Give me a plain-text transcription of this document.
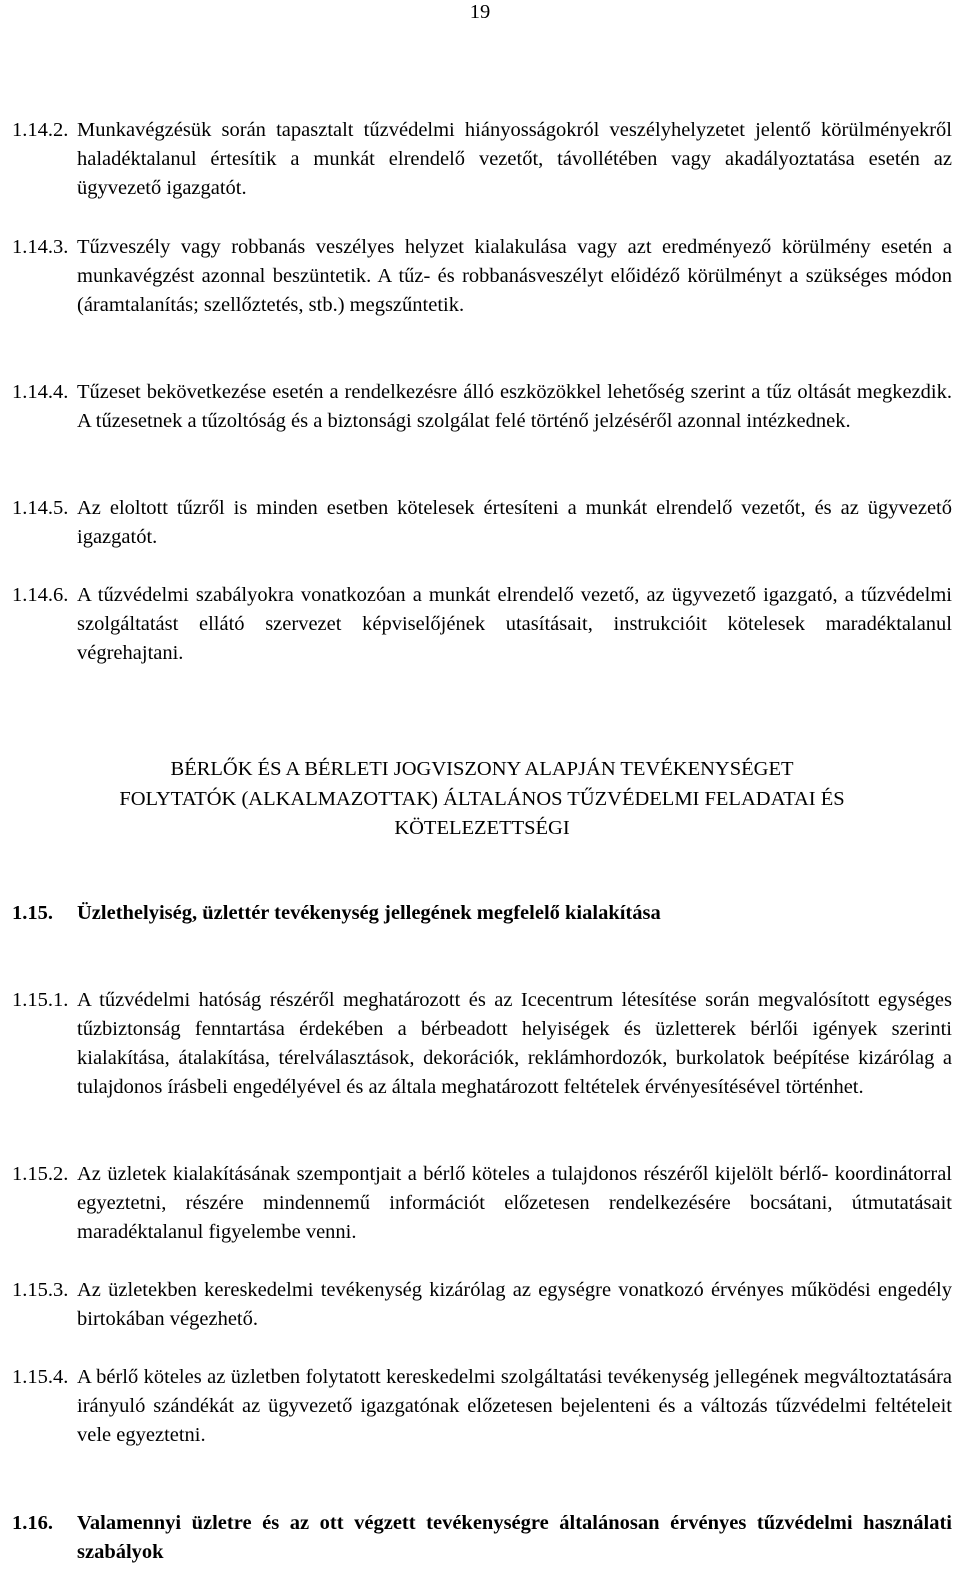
19
1.14.2. Munkavégzésük során tapasztalt tűzvédelmi hiányosságokról veszélyhelyzetet jelentő körülményekről haladéktalanul értesítik a munkát elrendelő vezetőt, távollétében vagy akadályoztatása esetén az ügyvezető igazgatót.
1.14.3. Tűzveszély vagy robbanás veszélyes helyzet kialakulása vagy azt eredményező körülmény esetén a munkavégzést azonnal beszüntetik. A tűz- és robbanásveszélyt előidéző körülményt a szükséges módon (áramtalanítás; szellőztetés, stb.) megszűntetik.
1.14.4. Tűzeset bekövetkezése esetén a rendelkezésre álló eszközökkel lehetőség szerint a tűz oltását megkezdik. A tűzesetnek a tűzoltóság és a biztonsági szolgálat felé történő jelzéséről azonnal intézkednek.
1.14.5. Az eloltott tűzről is minden esetben kötelesek értesíteni a munkát elrendelő vezetőt, és az ügyvezető igazgatót.
1.14.6. A tűzvédelmi szabályokra vonatkozóan a munkát elrendelő vezető, az ügyvezető igazgató, a tűzvédelmi szolgáltatást ellátó szervezet képviselőjének utasításait, instrukcióit kötelesek maradéktalanul végrehajtani.
BÉRLŐK ÉS A BÉRLETI JOGVISZONY ALAPJÁN TEVÉKENYSÉGET
FOLYTATÓK (ALKALMAZOTTAK) ÁLTALÁNOS TŰZVÉDELMI FELADATAI ÉS
KÖTELEZETTSÉGI
1.15. Üzlethelyiség, üzlettér tevékenység jellegének megfelelő kialakítása
1.15.1. A tűzvédelmi hatóság részéről meghatározott és az Icecentrum létesítése során megvalósított egységes tűzbiztonság fenntartása érdekében a bérbeadott helyiségek és üzletterek bérlői igények szerinti kialakítása, átalakítása, térelválasztások, dekorációk, reklámhordozók, burkolatok beépítése kizárólag a tulajdonos írásbeli engedélyével és az általa meghatározott feltételek érvényesítésével történhet.
1.15.2. Az üzletek kialakításának szempontjait a bérlő köteles a tulajdonos részéről kijelölt bérlő- koordinátorral egyeztetni, részére mindennemű információt előzetesen rendelkezésére bocsátani, útmutatásait maradéktalanul figyelembe venni.
1.15.3. Az üzletekben kereskedelmi tevékenység kizárólag az egységre vonatkozó érvényes működési engedély birtokában végezhető.
1.15.4. A bérlő köteles az üzletben folytatott kereskedelmi szolgáltatási tevékenység jellegének megváltoztatására irányuló szándékát az ügyvezető igazgatónak előzetesen bejelenteni és a változás tűzvédelmi feltételeit vele egyeztetni.
1.16. Valamennyi üzletre és az ott végzett tevékenységre általánosan érvényes tűzvédelmi használati szabályok
